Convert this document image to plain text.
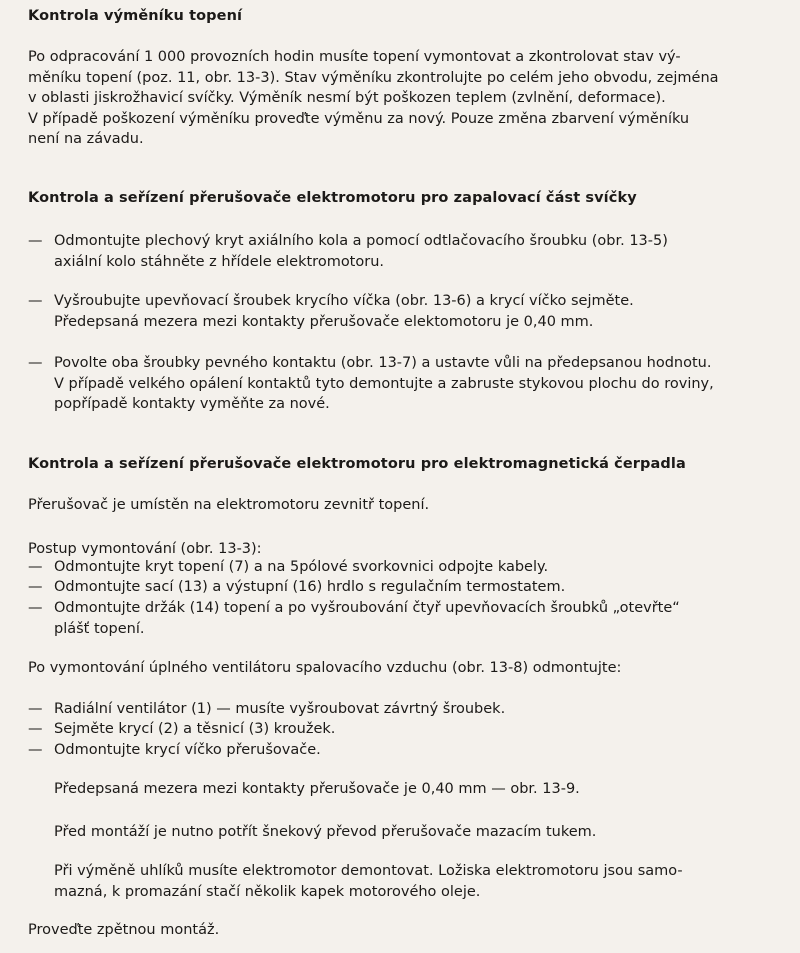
Kontrola výměníku topení
Po odpracování 1 000 provozních hodin musíte topení vymontovat a zkontrolovat stav vý-
měníku topení (poz. 11, obr. 13-3). Stav výměníku zkontrolujte po celém jeho obvodu, zejména
v oblasti jiskrožhavicí svíčky. Výměník nesmí být poškozen teplem (zvlnění, deformace).
V případě poškození výměníku proveďte výměnu za nový. Pouze změna zbarvení výměníku
není na závadu.
Kontrola a seřízení přerušovače elektromotoru pro zapalovací část svíčky
— Odmontujte plechový kryt axiálního kola a pomocí odtlačovacího šroubku (obr. 13-5)
axiální kolo stáhněte z hřídele elektromotoru.
— Vyšroubujte upevňovací šroubek krycího víčka (obr. 13-6) a krycí víčko sejměte.
Předepsaná mezera mezi kontakty přerušovače elektomotoru je 0,40 mm.
— Povolte oba šroubky pevného kontaktu (obr. 13-7) a ustavte vůli na předepsanou hodnotu.
V případě velkého opálení kontaktů tyto demontujte a zabruste stykovou plochu do roviny,
popřípadě kontakty vyměňte za nové.
Kontrola a seřízení přerušovače elektromotoru pro elektromagnetická čerpadla
Přerušovač je umístěn na elektromotoru zevnitř topení.
Postup vymontování (obr. 13-3):
— Odmontujte kryt topení (7) a na 5pólové svorkovnici odpojte kabely.
— Odmontujte sací (13) a výstupní (16) hrdlo s regulačním termostatem.
— Odmontujte držák (14) topení a po vyšroubování čtyř upevňovacích šroubků „otevřte“
plášť topení.
Po vymontování úplného ventilátoru spalovacího vzduchu (obr. 13-8) odmontujte:
— Radiální ventilátor (1) — musíte vyšroubovat závrtný šroubek.
— Sejměte krycí (2) a těsnicí (3) kroužek.
— Odmontujte krycí víčko přerušovače.
Předepsaná mezera mezi kontakty přerušovače je 0,40 mm — obr. 13-9.
Před montáží je nutno potřít šnekový převod přerušovače mazacím tukem.
Při výměně uhlíků musíte elektromotor demontovat. Ložiska elektromotoru jsou samo-
mazná, k promazání stačí několik kapek motorového oleje.
Proveďte zpětnou montáž.
